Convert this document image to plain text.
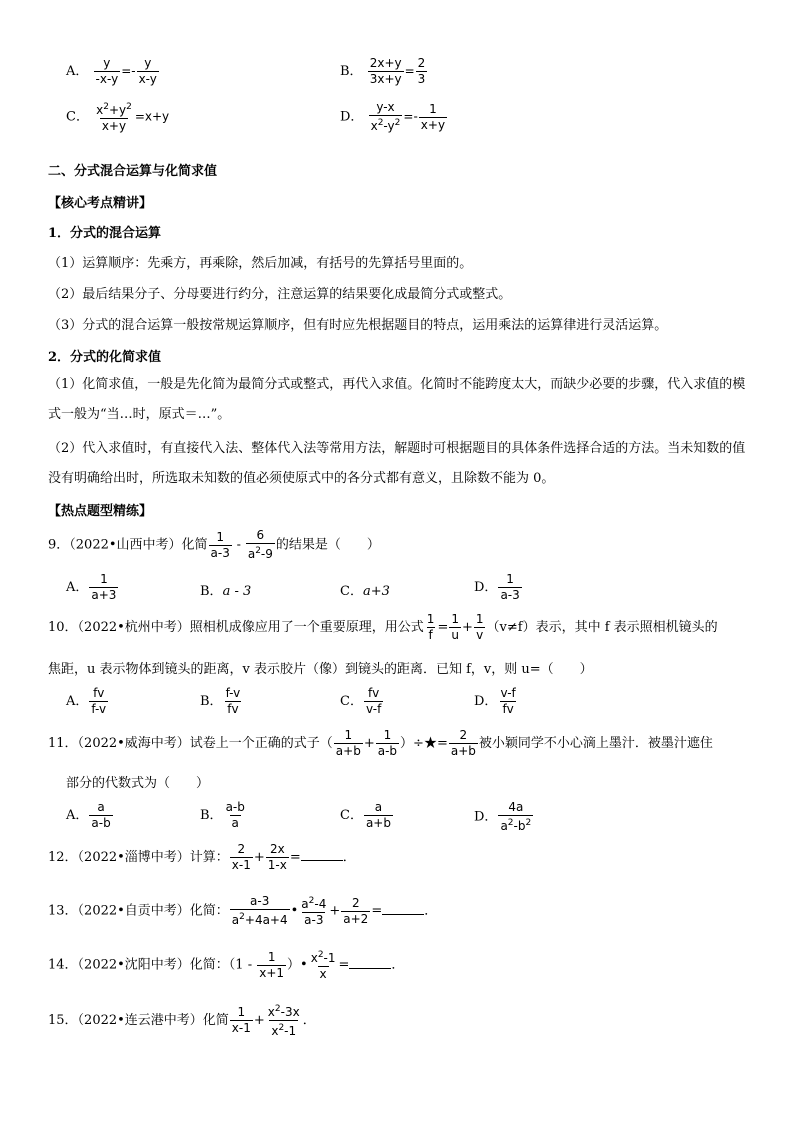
A． $\frac{y}{-x-y} =- \frac{y}{x-y}$	B． $\frac{2x+y}{3x+y} = \frac{2}{3}$
C． $\frac{x^2+y^2}{x+y} =x+y$	D． $\frac{y-x}{x^2-y^2} =- \frac{1}{x+y}$
二、分式混合运算与化简求值
【核心考点精讲】
1．分式的混合运算
（1）运算顺序：先乘方，再乘除，然后加减，有括号的先算括号里面的。
（2）最后结果分子、分母要进行约分，注意运算的结果要化成最简分式或整式。
（3）分式的混合运算一般按常规运算顺序，但有时应先根据题目的特点，运用乘法的运算律进行灵活运算。
2．分式的化简求值
（1）化简求值，一般是先化简为最简分式或整式，再代入求值。化简时不能跨度太大，而缺少必要的步骤，代入求值的模式一般为“当…时，原式＝…”。
（2）代入求值时，有直接代入法、整体代入法等常用方法，解题时可根据题目的具体条件选择合适的方法。当未知数的值没有明确给出时，所选取未知数的值必须使原式中的各分式都有意义，且除数不能为 0。
【热点题型精练】
9．（2022•山西中考）化简 $\frac{1}{a-3} - \frac{6}{a^2-9}$ 的结果是（　　）
A． $\frac{1}{a+3}$	B．a - 3	C．a+3	D． $\frac{1}{a-3}$
10．（2022•杭州中考）照相机成像应用了一个重要原理，用公式 $\frac{1}{f} = \frac{1}{u} + \frac{1}{v} (v\ne f)$表示，其中 f 表示照相机镜头的
焦距，u 表示物体到镜头的距离，v 表示胶片（像）到镜头的距离．已知 f，v，则 u=（　　）
A． $\frac{fv}{f-v}$	B． $\frac{f-v}{fv}$	C． $\frac{fv}{v-f}$	D． $\frac{v-f}{fv}$
11．（2022•威海中考）试卷上一个正确的式子（ $\frac{1}{a+b} + \frac{1}{a-b}$ ）÷★= $\frac{2}{a+b}$ 被小颖同学不小心滴上墨汁．被墨汁遮住
部分的代数式为（　　）
A． $\frac{a}{a-b}$	B． $\frac{a-b}{a}$	C． $\frac{a}{a+b}$	D． $\frac{4a}{a^2-b^2}$
12．（2022•淄博中考）计算： $\frac{2}{x-1} + \frac{2x}{1-x}$ =	．
13．（2022•自贡中考）化简： $\frac{a-3}{a^2+4a+4}$ • $\frac{a^2-4}{a-3} + \frac{2}{a+2}$ =	．
14．（2022•沈阳中考）化简：（$1 - \frac{1}{x+1}$ ）• $\frac{x^2-1}{x}$ =	．
15．（2022•连云港中考）化简 $\frac{1}{x-1} + \frac{x^2-3x}{x^2-1}$ ．
